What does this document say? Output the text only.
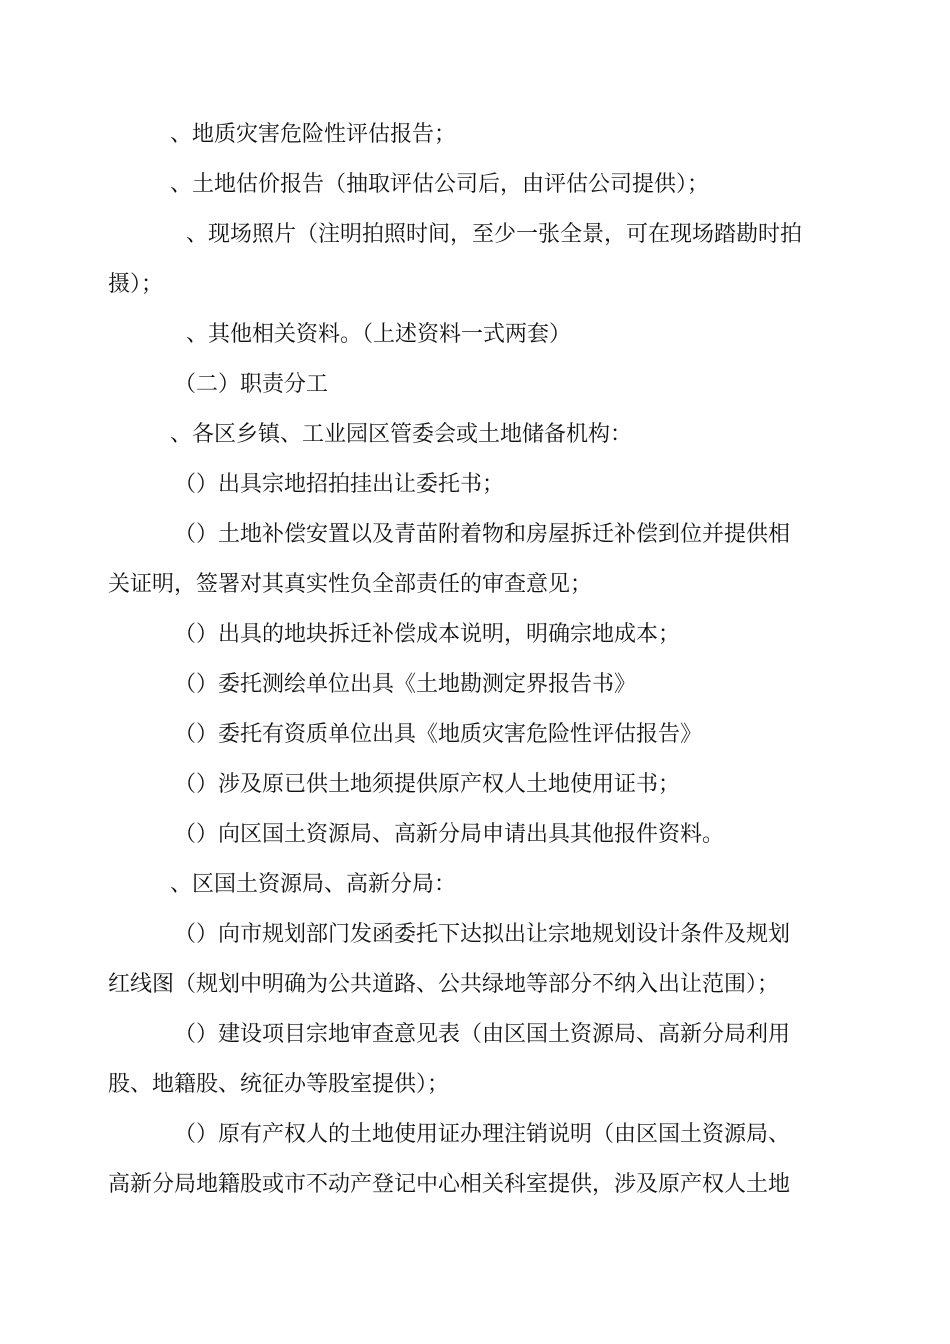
、地质灾害危险性评估报告；
、土地估价报告（抽取评估公司后，由评估公司提供）；
、现场照片（注明拍照时间，至少一张全景，可在现场踏勘时拍
摄）；
、其他相关资料。（上述资料一式两套）
（二）职责分工
、各区乡镇、工业园区管委会或土地储备机构：
（）出具宗地招拍挂出让委托书；
（）土地补偿安置以及青苗附着物和房屋拆迁补偿到位并提供相
关证明，签署对其真实性负全部责任的审查意见；
（）出具的地块拆迁补偿成本说明，明确宗地成本；
（）委托测绘单位出具《土地勘测定界报告书》
（）委托有资质单位出具《地质灾害危险性评估报告》
（）涉及原已供土地须提供原产权人土地使用证书；
（）向区国土资源局、高新分局申请出具其他报件资料。
、区国土资源局、高新分局：
（）向市规划部门发函委托下达拟出让宗地规划设计条件及规划
红线图（规划中明确为公共道路、公共绿地等部分不纳入出让范围）；
（）建设项目宗地审查意见表（由区国土资源局、高新分局利用
股、地籍股、统征办等股室提供）；
（）原有产权人的土地使用证办理注销说明（由区国土资源局、
高新分局地籍股或市不动产登记中心相关科室提供，涉及原产权人土地
